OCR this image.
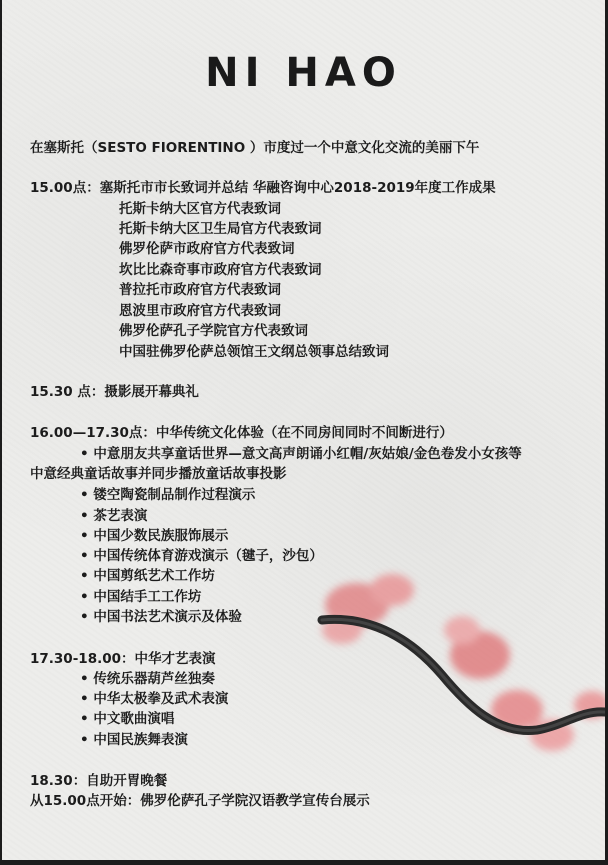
NI HAO
在塞斯托（SESTO FIORENTINO ）市度过一个中意文化交流的美丽下午
15.00点：塞斯托市市长致词并总结 华融咨询中心2018-2019年度工作成果
托斯卡纳大区官方代表致词
托斯卡纳大区卫生局官方代表致词
佛罗伦萨市政府官方代表致词
坎比比森奇事市政府官方代表致词
普拉托市政府官方代表致词
恩波里市政府官方代表致词
佛罗伦萨孔子学院官方代表致词
中国驻佛罗伦萨总领馆王文纲总领事总结致词
15.30 点：摄影展开幕典礼
16.00—17.30点：中华传统文化体验（在不同房间同时不间断进行）
• 中意朋友共享童话世界—意文高声朗诵小红帽/灰姑娘/金色卷发小女孩等
中意经典童话故事并同步播放童话故事投影
• 镂空陶瓷制品制作过程演示
• 茶艺表演
• 中国少数民族服饰展示
• 中国传统体育游戏演示（毽子，沙包）
• 中国剪纸艺术工作坊
• 中国结手工工作坊
• 中国书法艺术演示及体验
17.30-18.00：中华才艺表演
• 传统乐器葫芦丝独奏
• 中华太极拳及武术表演
• 中文歌曲演唱
• 中国民族舞表演
18.30：自助开胃晚餐
从15.00点开始：佛罗伦萨孔子学院汉语教学宣传台展示
